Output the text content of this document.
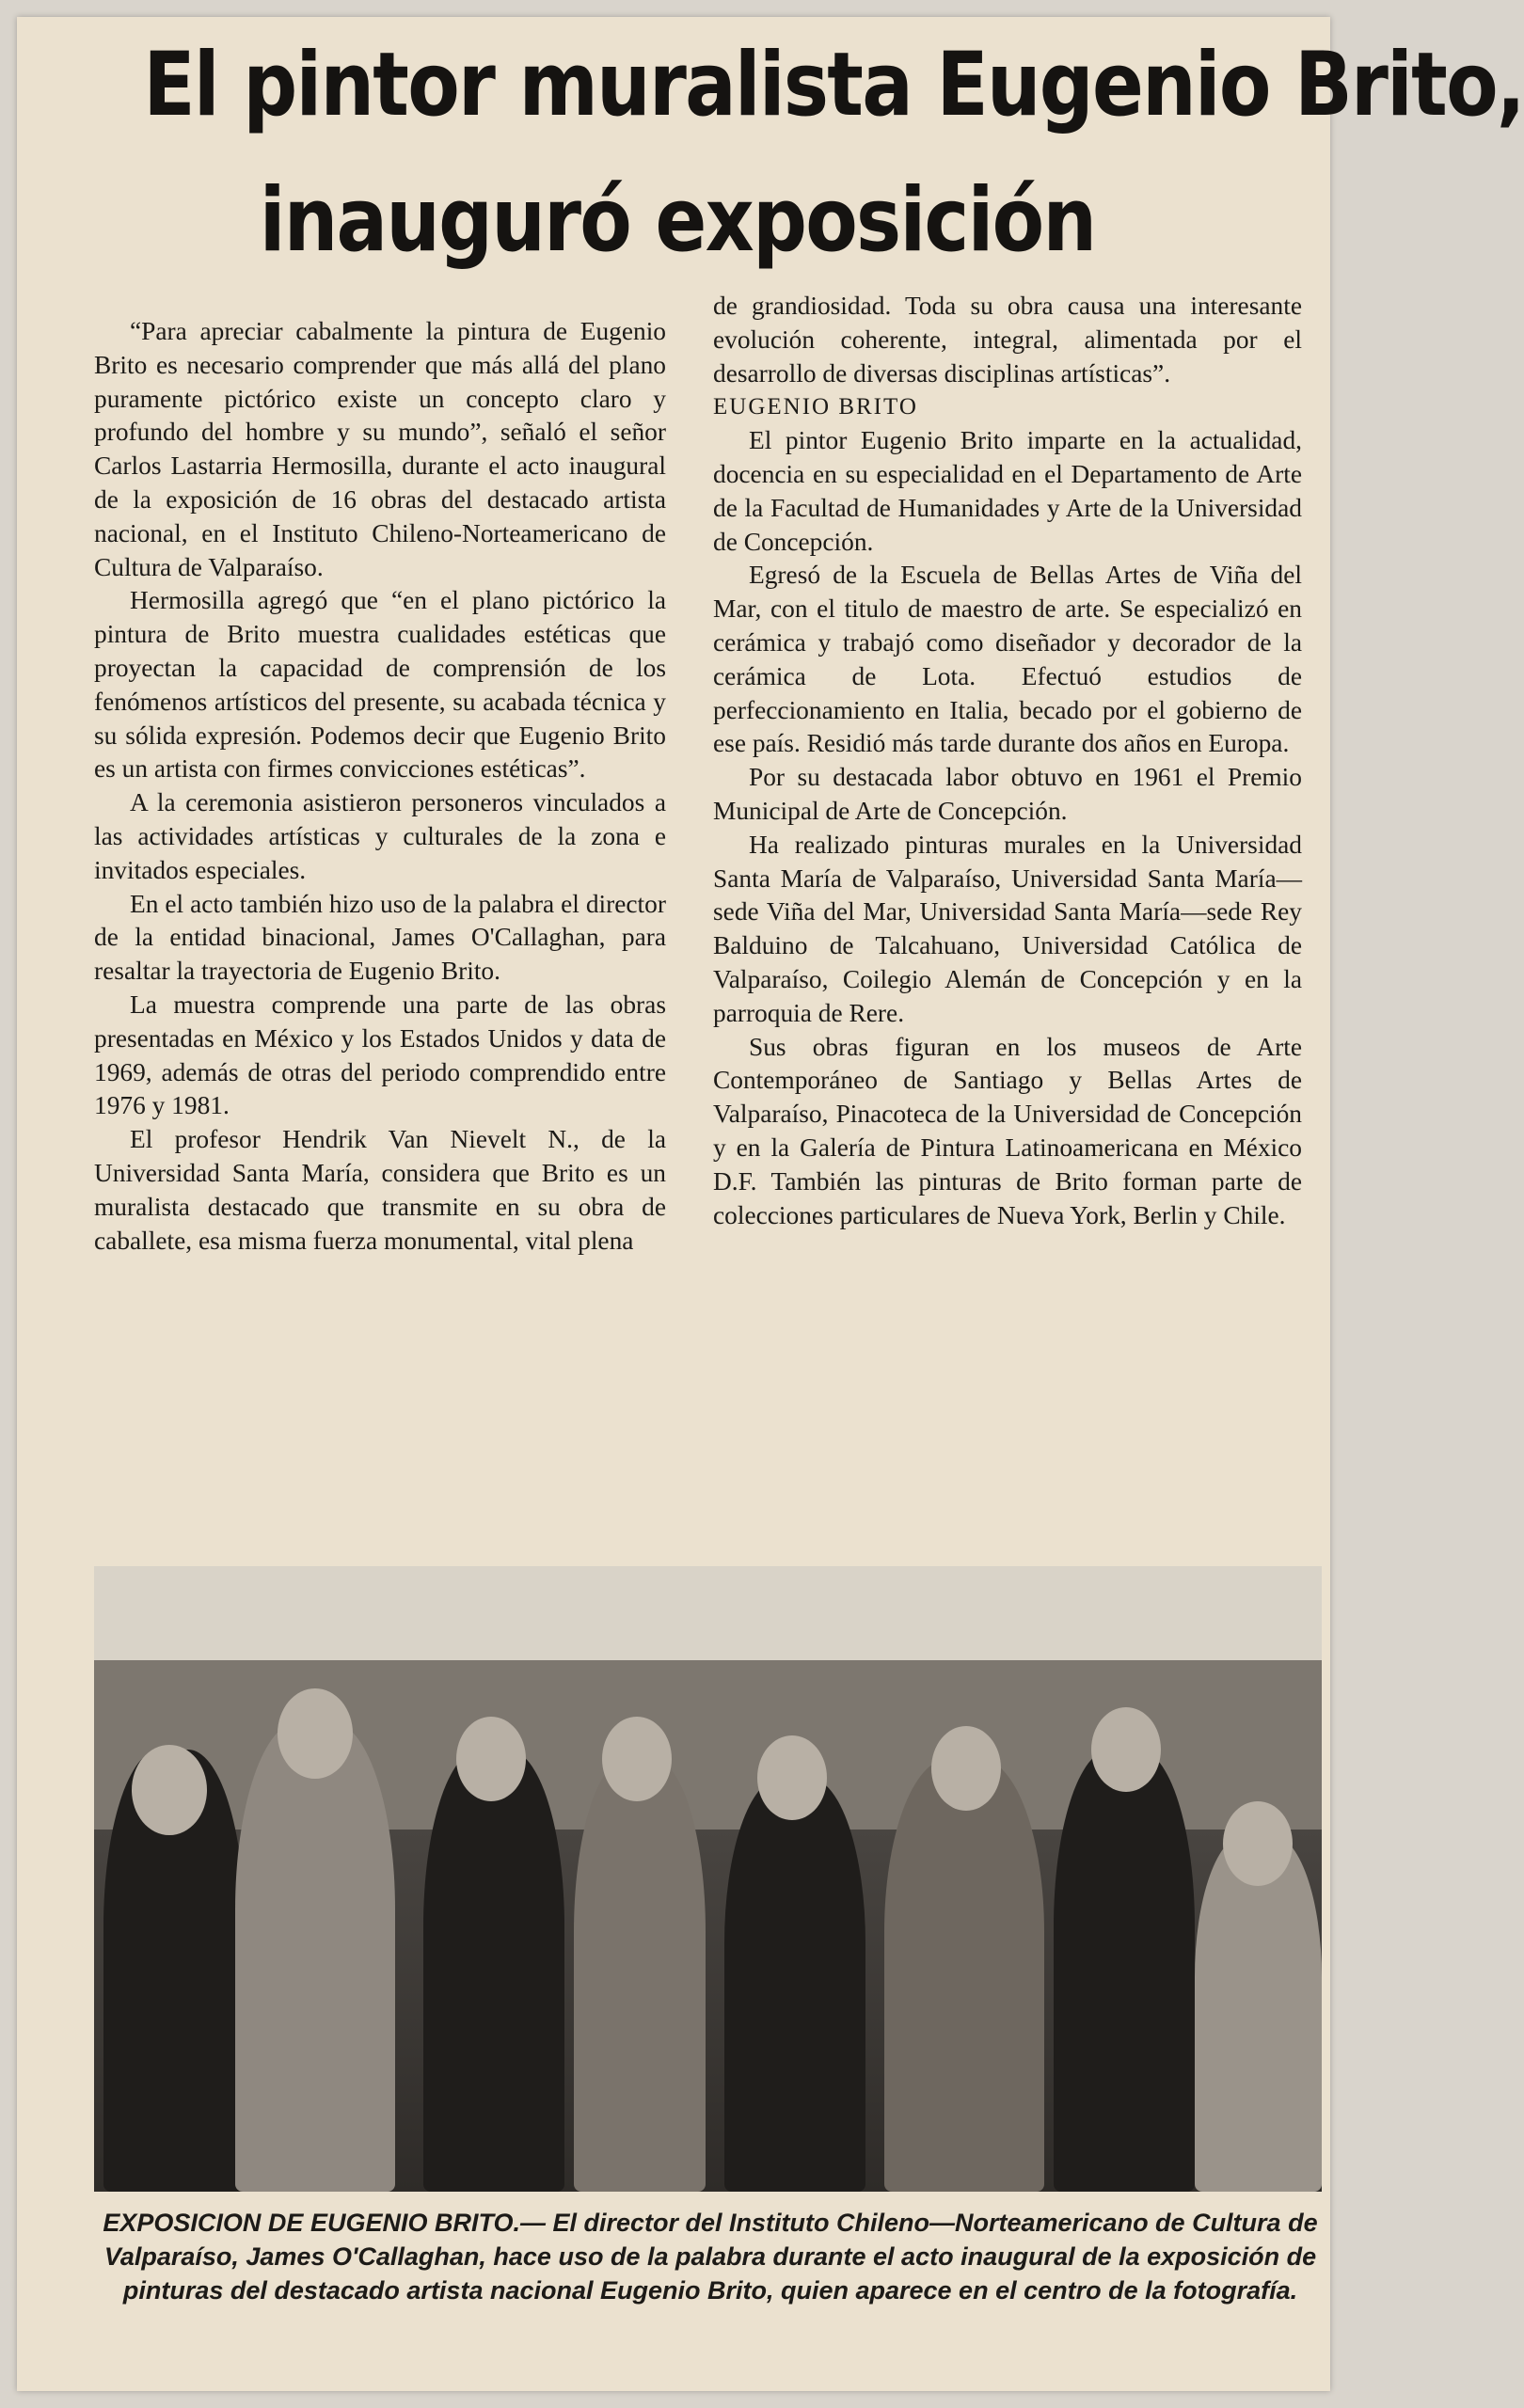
El pintor muralista Eugenio Brito,
inauguró exposición

“Para apreciar cabalmente la pintura de Eugenio Brito es necesario comprender que más allá del plano puramente pictórico existe un concepto claro y profundo del hombre y su mundo”, señaló el señor Carlos Lastarria Hermosilla, durante el acto inaugural de la exposición de 16 obras del destacado artista nacional, en el Instituto Chileno-Norteamericano de Cultura de Valparaíso.

Hermosilla agregó que “en el plano pictórico la pintura de Brito muestra cualidades estéticas que proyectan la capacidad de comprensión de los fenómenos artísticos del presente, su acabada técnica y su sólida expresión. Podemos decir que Eugenio Brito es un artista con firmes convicciones estéticas”.

A la ceremonia asistieron personeros vinculados a las actividades artísticas y culturales de la zona e invitados especiales.

En el acto también hizo uso de la palabra el director de la entidad binacional, James O'Callaghan, para resaltar la trayectoria de Eugenio Brito.

La muestra comprende una parte de las obras presentadas en México y los Estados Unidos y data de 1969, además de otras del periodo comprendido entre 1976 y 1981.

El profesor Hendrik Van Nievelt N., de la Universidad Santa María, considera que Brito es un muralista destacado que transmite en su obra de caballete, esa misma fuerza monumental, vital plena

de grandiosidad. Toda su obra causa una interesante evolución coherente, integral, alimentada por el desarrollo de diversas disciplinas artísticas”.

EUGENIO BRITO

El pintor Eugenio Brito imparte en la actualidad, docencia en su especialidad en el Departamento de Arte de la Facultad de Humanidades y Arte de la Universidad de Concepción.

Egresó de la Escuela de Bellas Artes de Viña del Mar, con el titulo de maestro de arte. Se especializó en cerámica y trabajó como diseñador y decorador de la cerámica de Lota. Efectuó estudios de perfeccionamiento en Italia, becado por el gobierno de ese país. Residió más tarde durante dos años en Europa.

Por su destacada labor obtuvo en 1961 el Premio Municipal de Arte de Concepción.

Ha realizado pinturas murales en la Universidad Santa María de Valparaíso, Universidad Santa María—sede Viña del Mar, Universidad Santa María—sede Rey Balduino de Talcahuano, Universidad Católica de Valparaíso, Coilegio Alemán de Concepción y en la parroquia de Rere.

Sus obras figuran en los museos de Arte Contemporáneo de Santiago y Bellas Artes de Valparaíso, Pinacoteca de la Universidad de Concepción y en la Galería de Pintura Latinoamericana en México D.F. También las pinturas de Brito forman parte de colecciones particulares de Nueva York, Berlin y Chile.

EXPOSICION DE EUGENIO BRITO.— El director del Instituto Chileno—Norteamericano de Cultura de Valparaíso, James O'Callaghan, hace uso de la palabra durante el acto inaugural de la exposición de pinturas del destacado artista nacional Eugenio Brito, quien aparece en el centro de la fotografía.
